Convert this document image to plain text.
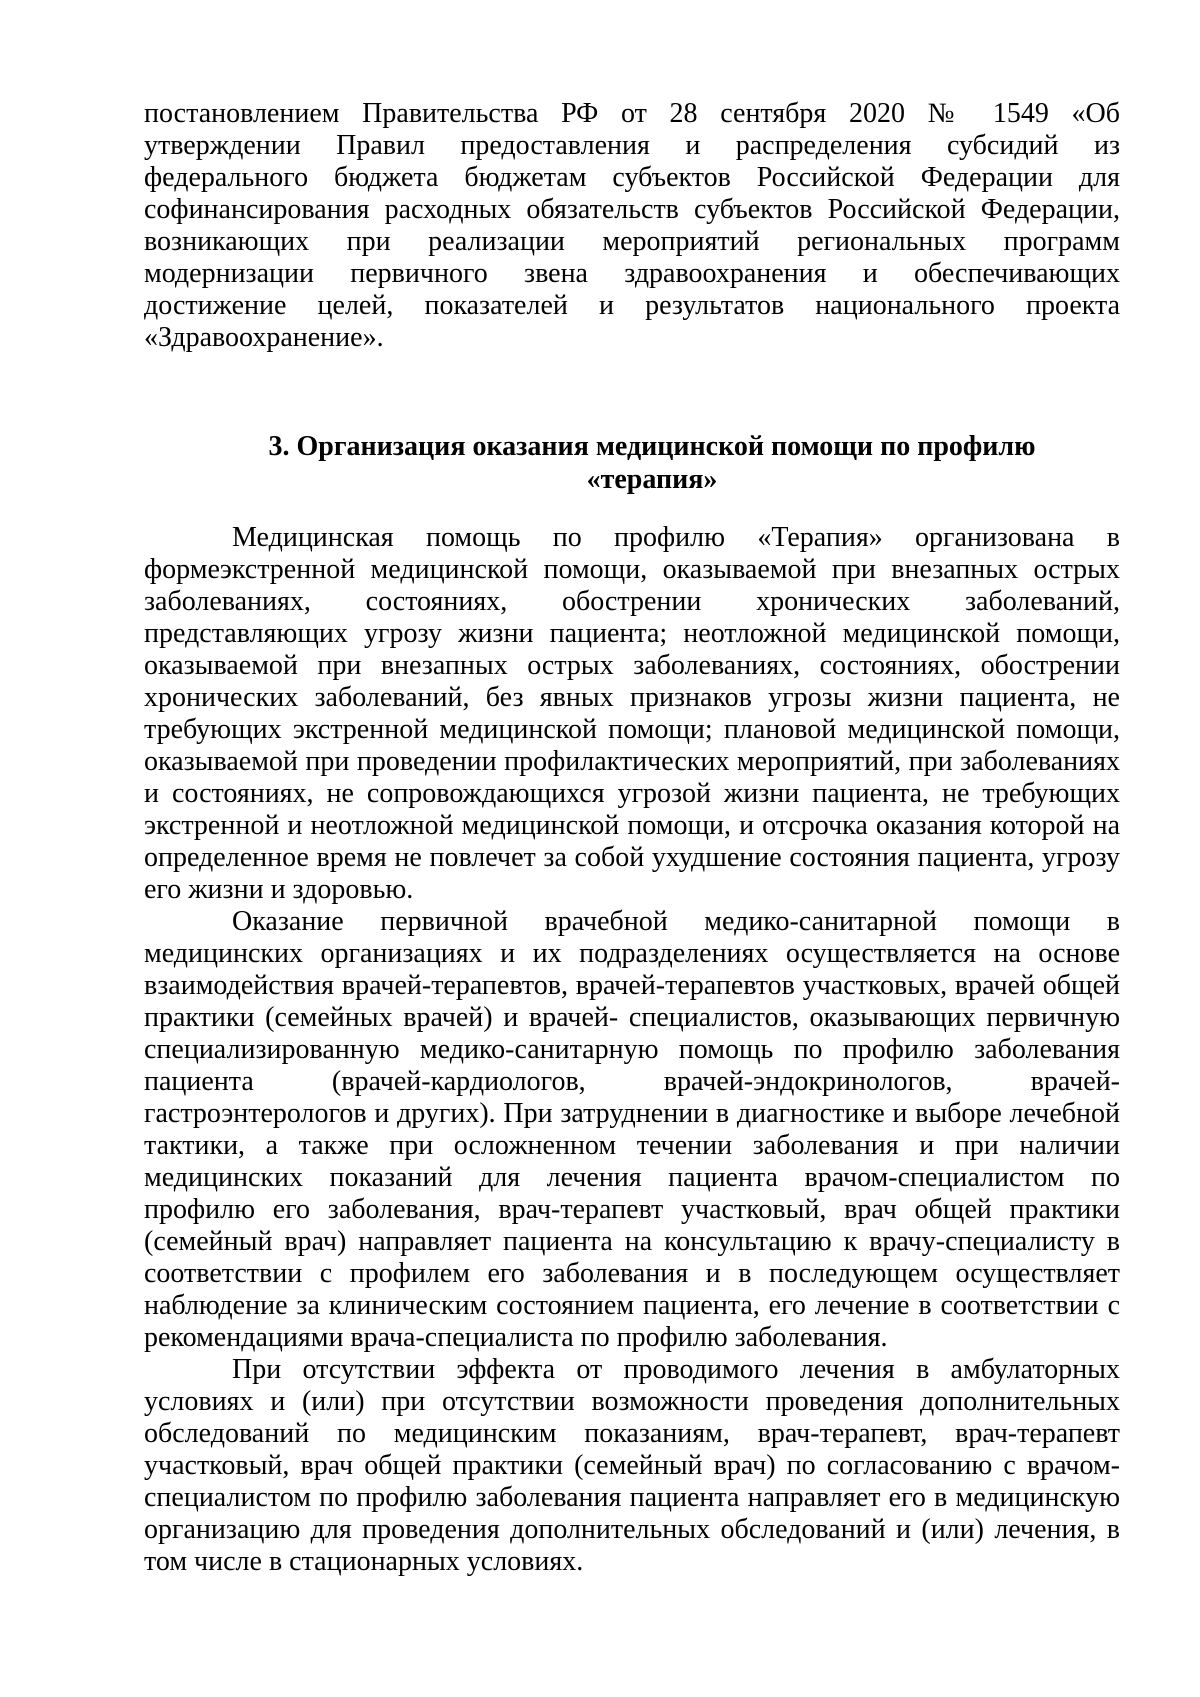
постановлением Правительства РФ от 28 сентября 2020 № 1549 «Об утверждении Правил предоставления и распределения субсидий из федерального бюджета бюджетам субъектов Российской Федерации для софинансирования расходных обязательств субъектов Российской Федерации, возникающих при реализации мероприятий региональных программ модернизации первичного звена здравоохранения и обеспечивающих достижение целей, показателей и результатов национального проекта «Здравоохранение».

3. Организация оказания медицинской помощи по профилю
«терапия»

Медицинская помощь по профилю «Терапия» организована в формеэкстренной медицинской помощи, оказываемой при внезапных острых заболеваниях, состояниях, обострении хронических заболеваний, представляющих угрозу жизни пациента; неотложной медицинской помощи, оказываемой при внезапных острых заболеваниях, состояниях, обострении хронических заболеваний, без явных признаков угрозы жизни пациента, не требующих экстренной медицинской помощи; плановой медицинской помощи, оказываемой при проведении профилактических мероприятий, при заболеваниях и состояниях, не сопровождающихся угрозой жизни пациента, не требующих экстренной и неотложной медицинской помощи, и отсрочка оказания которой на определенное время не повлечет за собой ухудшение состояния пациента, угрозу его жизни и здоровью.

Оказание первичной врачебной медико-санитарной помощи в медицинских организациях и их подразделениях осуществляется на основе взаимодействия врачей-терапевтов, врачей-терапевтов участковых, врачей общей практики (семейных врачей) и врачей- специалистов, оказывающих первичную специализированную медико-санитарную помощь по профилю заболевания пациента (врачей-кардиологов, врачей-эндокринологов, врачей-гастроэнтерологов и других). При затруднении в диагностике и выборе лечебной тактики, а также при осложненном течении заболевания и при наличии медицинских показаний для лечения пациента врачом-специалистом по профилю его заболевания, врач-терапевт участковый, врач общей практики (семейный врач) направляет пациента на консультацию к врачу-специалисту в соответствии с профилем его заболевания и в последующем осуществляет наблюдение за клиническим состоянием пациента, его лечение в соответствии с рекомендациями врача-специалиста по профилю заболевания.

При отсутствии эффекта от проводимого лечения в амбулаторных условиях и (или) при отсутствии возможности проведения дополнительных обследований по медицинским показаниям, врач-терапевт, врач-терапевт участковый, врач общей практики (семейный врач) по согласованию с врачом-специалистом по профилю заболевания пациента направляет его в медицинскую организацию для проведения дополнительных обследований и (или) лечения, в том числе в стационарных условиях.
